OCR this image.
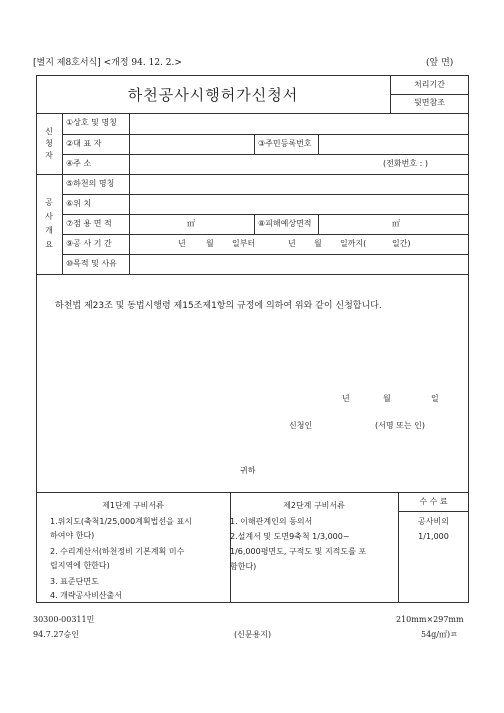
[별지 제8호서식] <개정 94. 12. 2.>	(앞 면)
하천공사시행허가신청서
처리기간
뒷면참조
신
청
자
공
사
개
요
①상호 및 명칭
②대 표 자	③주민등록번호
④주 소	(전화번호 : )
⑤하천의 명칭
⑥위 치
⑦점 용 면 적	㎡	⑧피해예상면적	㎡
⑨공 사 기 간	년	월 일부터	년 월 일까지(	일간)
⑩목적 및 사유
하천법 제23조 및 동법시행령 제15조제1항의 규정에 의하여 위와 같이 신청합니다.
년	월	일
신청인	(서명 또는 인)
귀하
제1단계 구비서류
1.위치도(축척1/25,000계획법선을 표시
하여야 한다)
2. 수리계산서(하천정비 기본계획 미수
립지역에 한한다)
3. 표준단면도
4. 개략공사비산출서
제2단계 구비서류
1. 이해관계인의 동의서
2.설계서 및 도면9축척 1/3,000~
1/6,000평면도, 구적도 및 지적도를 포
함한다)
수 수 료
공사비의
1/1,000
30300-00311민
94.7.27승인	(신문용지)
210mm×297mm
54g/㎡)ㅍ
